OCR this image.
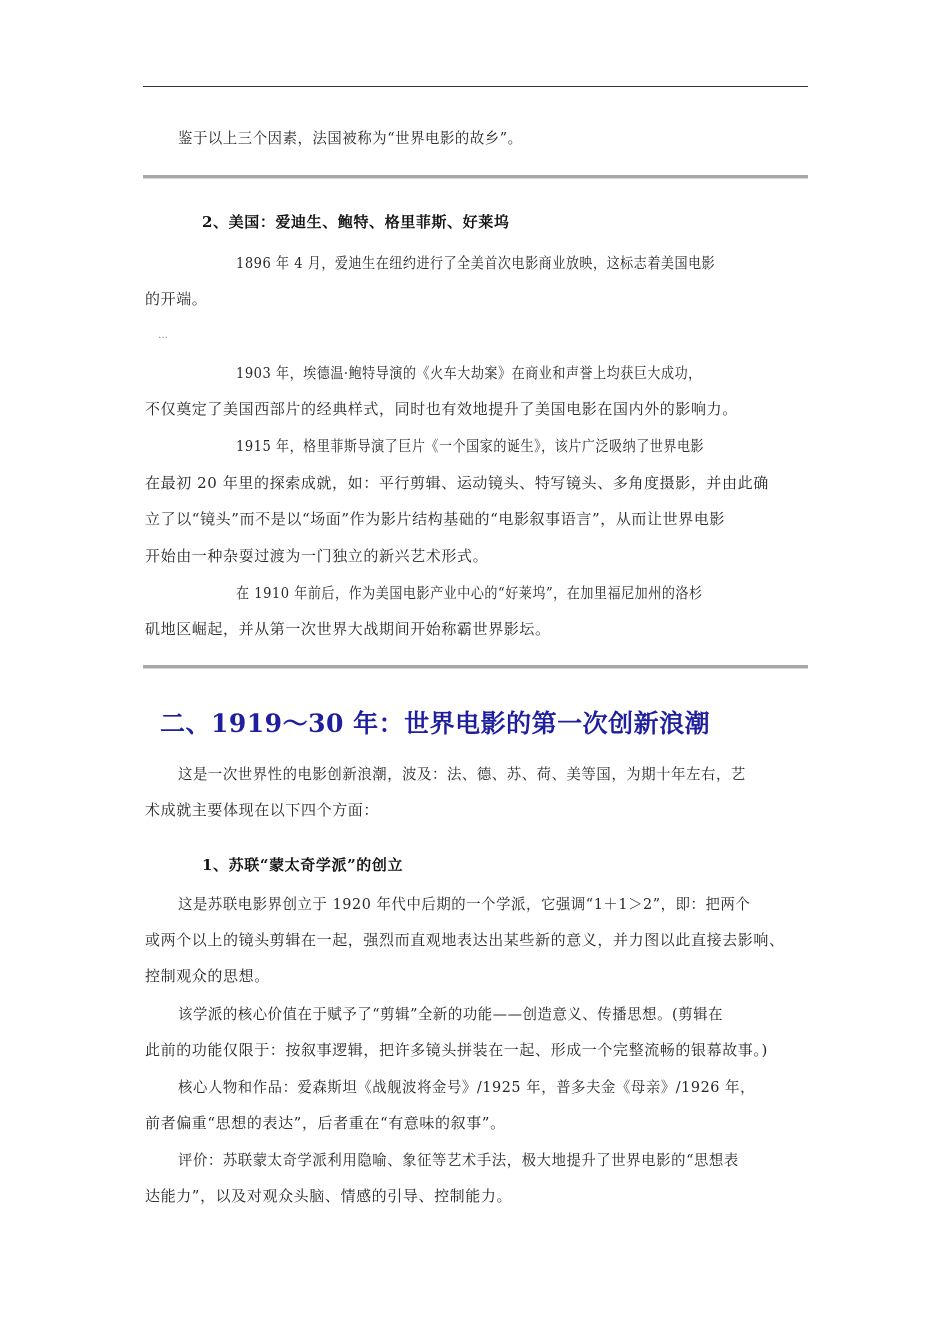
鉴于以上三个因素，法国被称为“世界电影的故乡”。
2、美国：爱迪生、鲍特、格里菲斯、好莱坞
1896 年 4 月，爱迪生在纽约进行了全美首次电影商业放映，这标志着美国电影
的开端。
…
1903 年，埃德温·鲍特导演的《火车大劫案》在商业和声誉上均获巨大成功，
不仅奠定了美国西部片的经典样式，同时也有效地提升了美国电影在国内外的影响力。
1915 年，格里菲斯导演了巨片《一个国家的诞生》，该片广泛吸纳了世界电影
在最初 20 年里的探索成就，如：平行剪辑、运动镜头、特写镜头、多角度摄影，并由此确
立了以“镜头”而不是以“场面”作为影片结构基础的“电影叙事语言”，从而让世界电影
开始由一种杂耍过渡为一门独立的新兴艺术形式。
在 1910 年前后，作为美国电影产业中心的“好莱坞”，在加里福尼加州的洛杉
矶地区崛起，并从第一次世界大战期间开始称霸世界影坛。
二、1919～30 年：世界电影的第一次创新浪潮
这是一次世界性的电影创新浪潮，波及：法、德、苏、荷、美等国，为期十年左右，艺
术成就主要体现在以下四个方面：
1、苏联“蒙太奇学派”的创立
这是苏联电影界创立于 1920 年代中后期的一个学派，它强调“1＋1＞2”，即：把两个
或两个以上的镜头剪辑在一起，强烈而直观地表达出某些新的意义，并力图以此直接去影响、
控制观众的思想。
该学派的核心价值在于赋予了“剪辑”全新的功能——创造意义、传播思想。(剪辑在
此前的功能仅限于：按叙事逻辑，把许多镜头拼装在一起、形成一个完整流畅的银幕故事。)
核心人物和作品：爱森斯坦《战舰波将金号》/1925 年，普多夫金《母亲》/1926 年，
前者偏重“思想的表达”，后者重在“有意味的叙事”。
评价：苏联蒙太奇学派利用隐喻、象征等艺术手法，极大地提升了世界电影的“思想表
达能力”，以及对观众头脑、情感的引导、控制能力。
